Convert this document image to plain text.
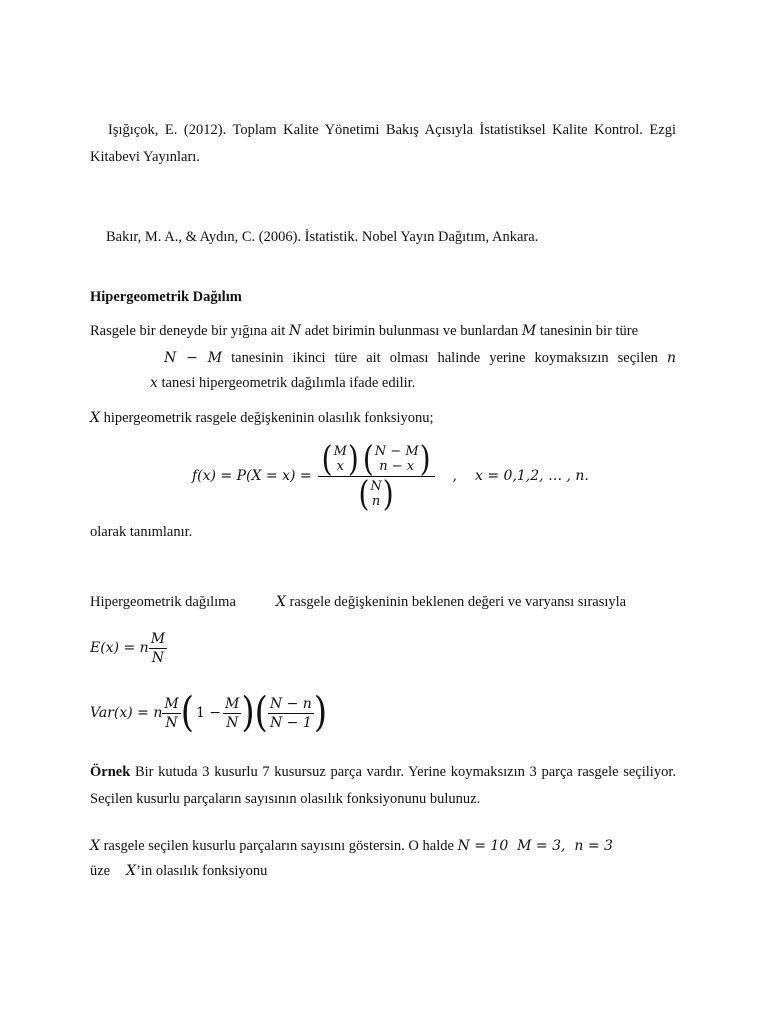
Işığıçok, E. (2012). Toplam Kalite Yönetimi Bakış Açısıyla İstatistiksel Kalite Kontrol. Ezgi Kitabevi Yayınları.
Bakır, M. A., & Aydın, C. (2006). İstatistik. Nobel Yayın Dağıtım, Ankara.
Hipergeometrik Dağılım
Rasgele bir deneyde bir yığına ait N adet birimin bulunması ve bunlardan M tanesinin bir türe
N − M tanesinin ikinci türe ait olması halinde yerine koymaksızın seçilen n
x tanesi hipergeometrik dağılımla ifade edilir.
X hipergeometrik rasgele değişkeninin olasılık fonksiyonu;
f(x) = P(X = x) = ( M
x ) ( N − M
n − x )
( N
n )	, x = 0,1,2, … , n.
olarak tanımlanır.
Hipergeometrik dağılıma	X rasgele değişkeninin beklenen değeri ve varyansı sırasıyla
E(x) = n $\frac{M}{N}$
Var(x) = n $\frac{M}{N}$ ( $1 - \frac{M}{N}$ ) ( $\frac{N - n}{N - 1}$ )
Örnek Bir kutuda 3 kusurlu 7 kusursuz parça vardır. Yerine koymaksızın 3 parça rasgele seçiliyor. Seçilen kusurlu parçaların sayısının olasılık fonksiyonunu bulunuz.
X rasgele seçilen kusurlu parçaların sayısını göstersin. O halde N = 10  M = 3,  n = 3
üze X’in olasılık fonksiyonu
